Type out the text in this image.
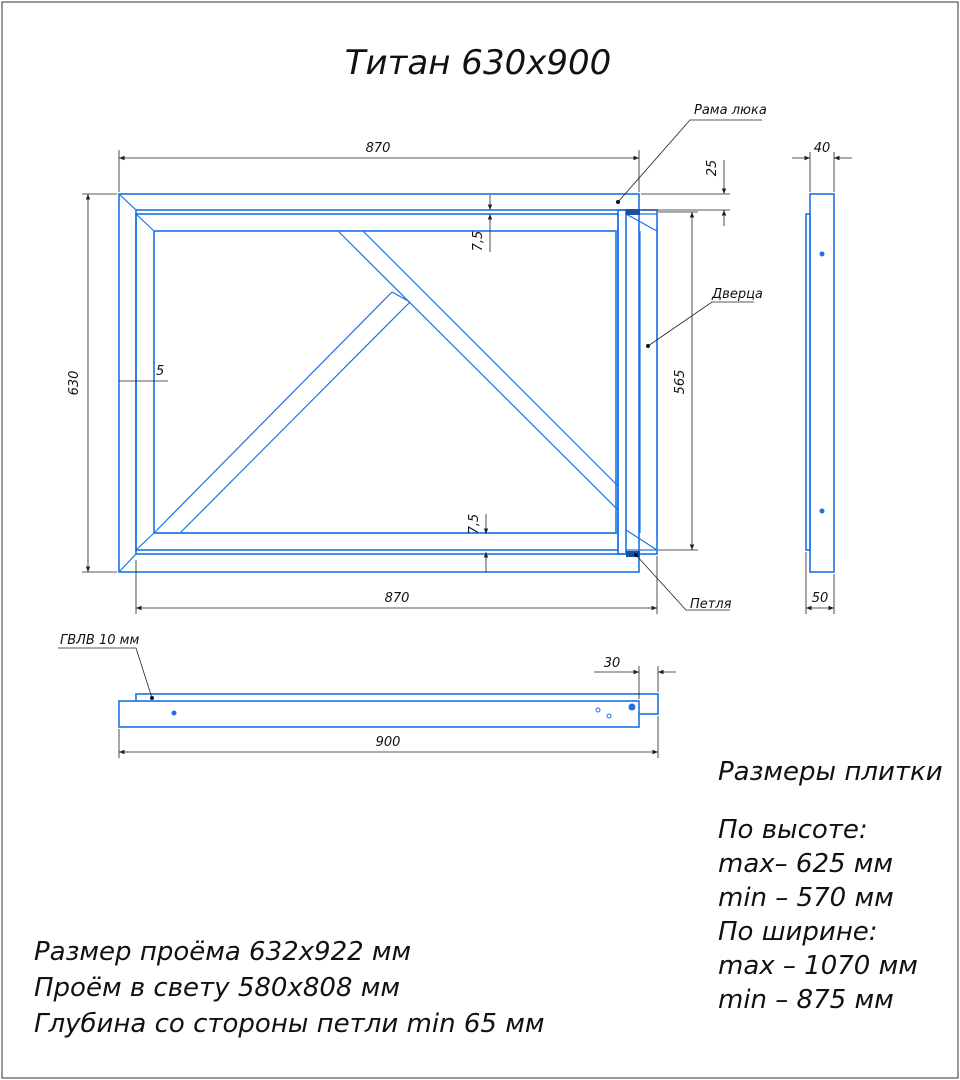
Титан 630х900
870
630	5	565
25
7,5
7,5
870
Рама люка
Дверца
Петля
40
50
ГВЛВ 10 мм
30
900
Размеры плитки
По высоте:
max– 625 мм
min – 570 мм
По ширине:
max – 1070 мм
min – 875 мм
Размер проёма 632х922 мм
Проём в свету 580х808 мм
Глубина со стороны петли min 65 мм
